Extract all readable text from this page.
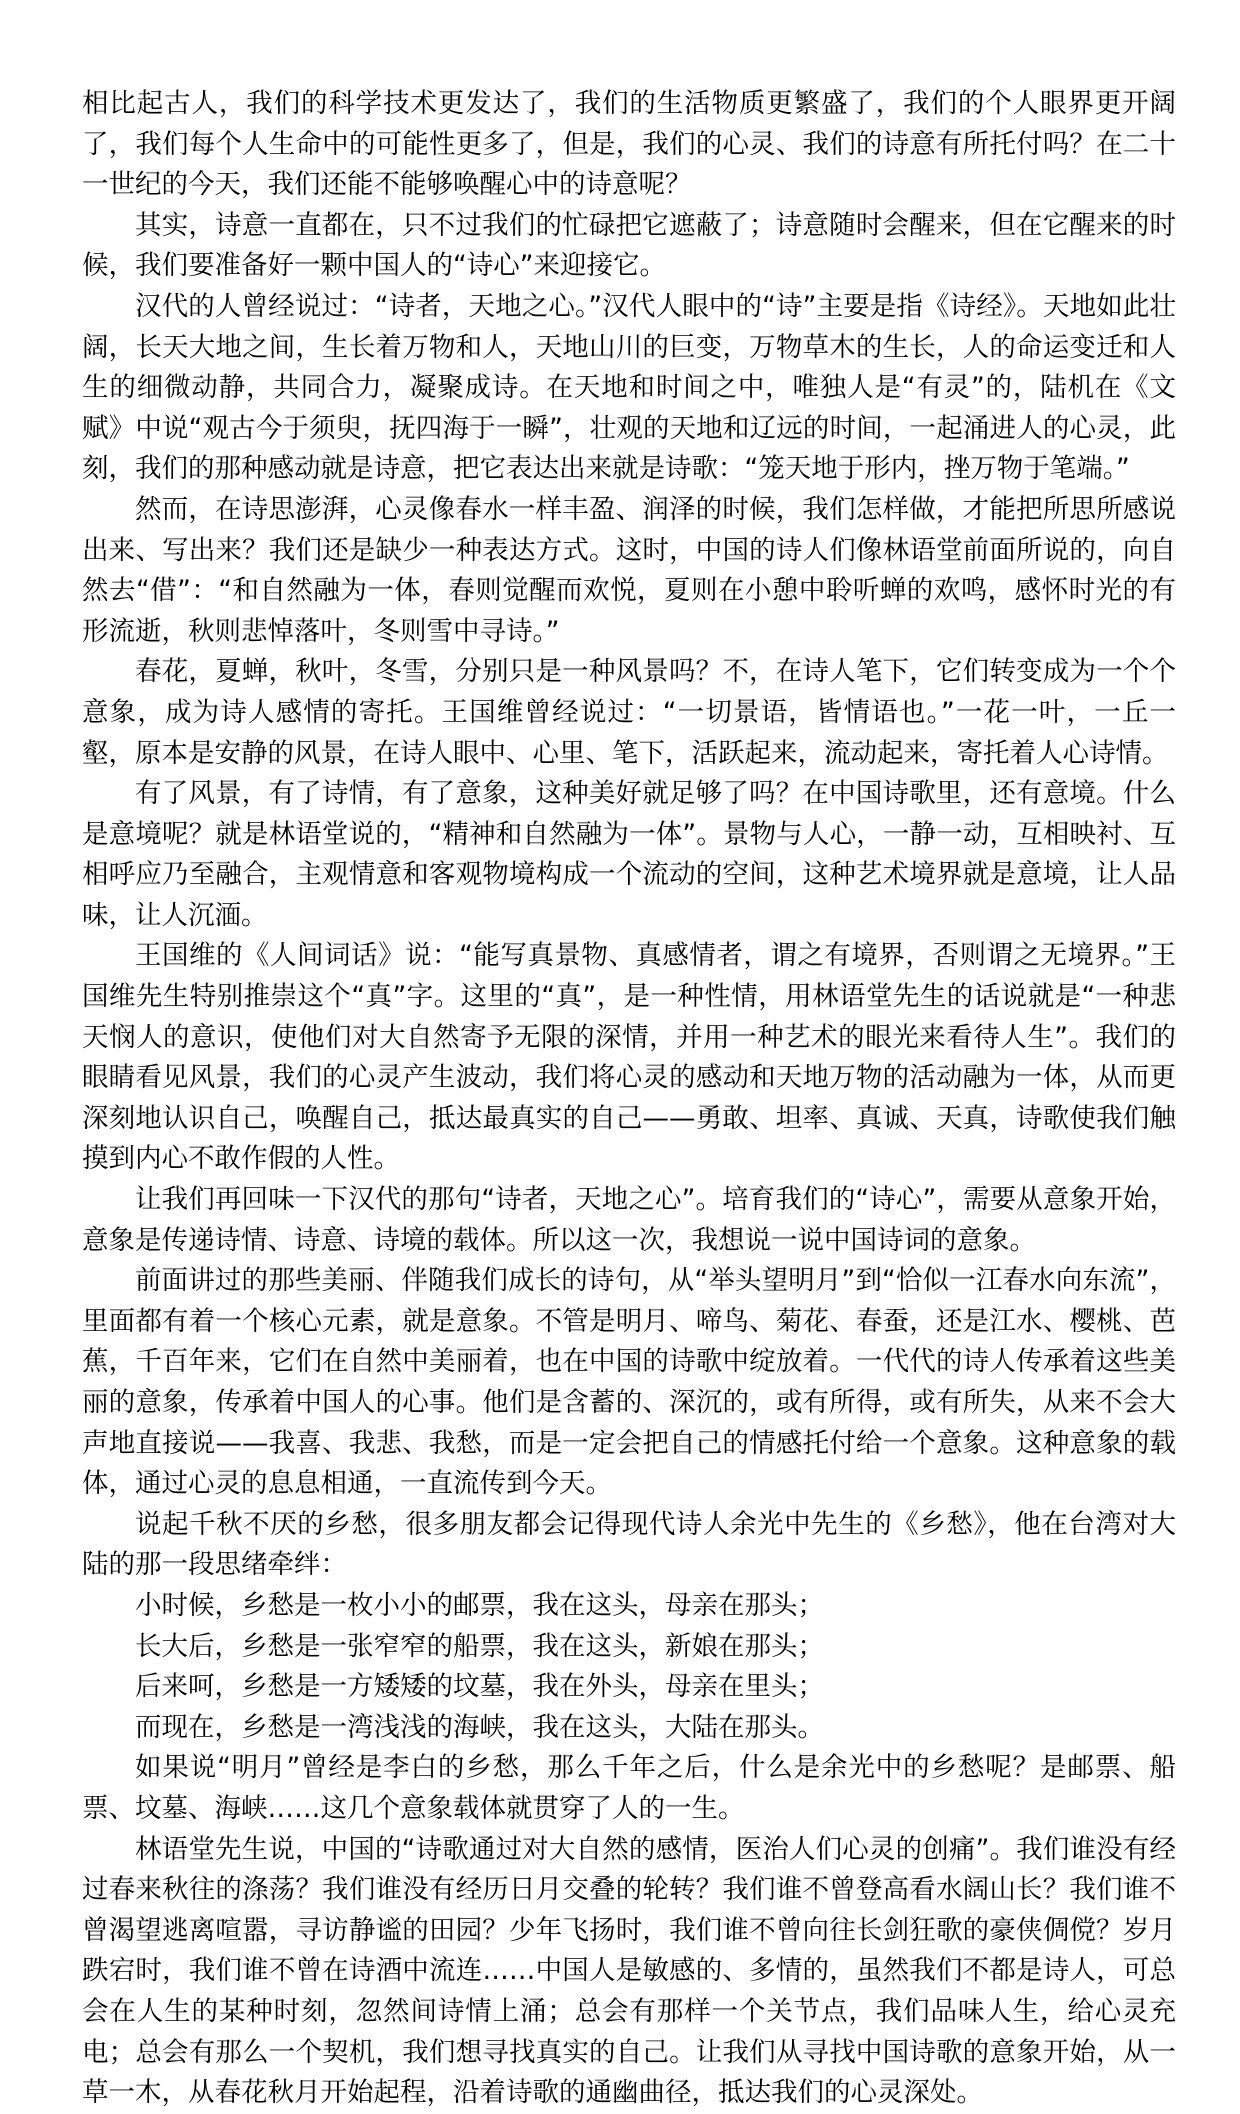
相比起古人，我们的科学技术更发达了，我们的生活物质更繁盛了，我们的个人眼界更开阔了，我们每个人生命中的可能性更多了，但是，我们的心灵、我们的诗意有所托付吗？在二十一世纪的今天，我们还能不能够唤醒心中的诗意呢？

其实，诗意一直都在，只不过我们的忙碌把它遮蔽了；诗意随时会醒来，但在它醒来的时候，我们要准备好一颗中国人的“诗心”来迎接它。

汉代的人曾经说过：“诗者，天地之心。”汉代人眼中的“诗”主要是指《诗经》。天地如此壮阔，长天大地之间，生长着万物和人，天地山川的巨变，万物草木的生长，人的命运变迁和人生的细微动静，共同合力，凝聚成诗。在天地和时间之中，唯独人是“有灵”的，陆机在《文赋》中说“观古今于须臾，抚四海于一瞬”，壮观的天地和辽远的时间，一起涌进人的心灵，此刻，我们的那种感动就是诗意，把它表达出来就是诗歌：“笼天地于形内，挫万物于笔端。”

然而，在诗思澎湃，心灵像春水一样丰盈、润泽的时候，我们怎样做，才能把所思所感说出来、写出来？我们还是缺少一种表达方式。这时，中国的诗人们像林语堂前面所说的，向自然去“借”：“和自然融为一体，春则觉醒而欢悦，夏则在小憩中聆听蝉的欢鸣，感怀时光的有形流逝，秋则悲悼落叶，冬则雪中寻诗。”

春花，夏蝉，秋叶，冬雪，分别只是一种风景吗？不，在诗人笔下，它们转变成为一个个意象，成为诗人感情的寄托。王国维曾经说过：“一切景语，皆情语也。”一花一叶，一丘一壑，原本是安静的风景，在诗人眼中、心里、笔下，活跃起来，流动起来，寄托着人心诗情。

有了风景，有了诗情，有了意象，这种美好就足够了吗？在中国诗歌里，还有意境。什么是意境呢？就是林语堂说的，“精神和自然融为一体”。景物与人心，一静一动，互相映衬、互相呼应乃至融合，主观情意和客观物境构成一个流动的空间，这种艺术境界就是意境，让人品味，让人沉湎。

王国维的《人间词话》说：“能写真景物、真感情者，谓之有境界，否则谓之无境界。”王国维先生特别推崇这个“真”字。这里的“真”，是一种性情，用林语堂先生的话说就是“一种悲天悯人的意识，使他们对大自然寄予无限的深情，并用一种艺术的眼光来看待人生”。我们的眼睛看见风景，我们的心灵产生波动，我们将心灵的感动和天地万物的活动融为一体，从而更深刻地认识自己，唤醒自己，抵达最真实的自己——勇敢、坦率、真诚、天真，诗歌使我们触摸到内心不敢作假的人性。

让我们再回味一下汉代的那句“诗者，天地之心”。培育我们的“诗心”，需要从意象开始，意象是传递诗情、诗意、诗境的载体。所以这一次，我想说一说中国诗词的意象。

前面讲过的那些美丽、伴随我们成长的诗句，从“举头望明月”到“恰似一江春水向东流”，里面都有着一个核心元素，就是意象。不管是明月、啼鸟、菊花、春蚕，还是江水、樱桃、芭蕉，千百年来，它们在自然中美丽着，也在中国的诗歌中绽放着。一代代的诗人传承着这些美丽的意象，传承着中国人的心事。他们是含蓄的、深沉的，或有所得，或有所失，从来不会大声地直接说——我喜、我悲、我愁，而是一定会把自己的情感托付给一个意象。这种意象的载体，通过心灵的息息相通，一直流传到今天。

说起千秋不厌的乡愁，很多朋友都会记得现代诗人余光中先生的《乡愁》，他在台湾对大陆的那一段思绪牵绊：

小时候，乡愁是一枚小小的邮票，我在这头，母亲在那头；

长大后，乡愁是一张窄窄的船票，我在这头，新娘在那头；

后来呵，乡愁是一方矮矮的坟墓，我在外头，母亲在里头；

而现在，乡愁是一湾浅浅的海峡，我在这头，大陆在那头。

如果说“明月”曾经是李白的乡愁，那么千年之后，什么是余光中的乡愁呢？是邮票、船票、坟墓、海峡……这几个意象载体就贯穿了人的一生。

林语堂先生说，中国的“诗歌通过对大自然的感情，医治人们心灵的创痛”。我们谁没有经过春来秋往的涤荡？我们谁没有经历日月交叠的轮转？我们谁不曾登高看水阔山长？我们谁不曾渴望逃离喧嚣，寻访静谧的田园？少年飞扬时，我们谁不曾向往长剑狂歌的豪侠倜傥？岁月跌宕时，我们谁不曾在诗酒中流连……中国人是敏感的、多情的，虽然我们不都是诗人，可总会在人生的某种时刻，忽然间诗情上涌；总会有那样一个关节点，我们品味人生，给心灵充电；总会有那么一个契机，我们想寻找真实的自己。让我们从寻找中国诗歌的意象开始，从一草一木，从春花秋月开始起程，沿着诗歌的通幽曲径，抵达我们的心灵深处。
